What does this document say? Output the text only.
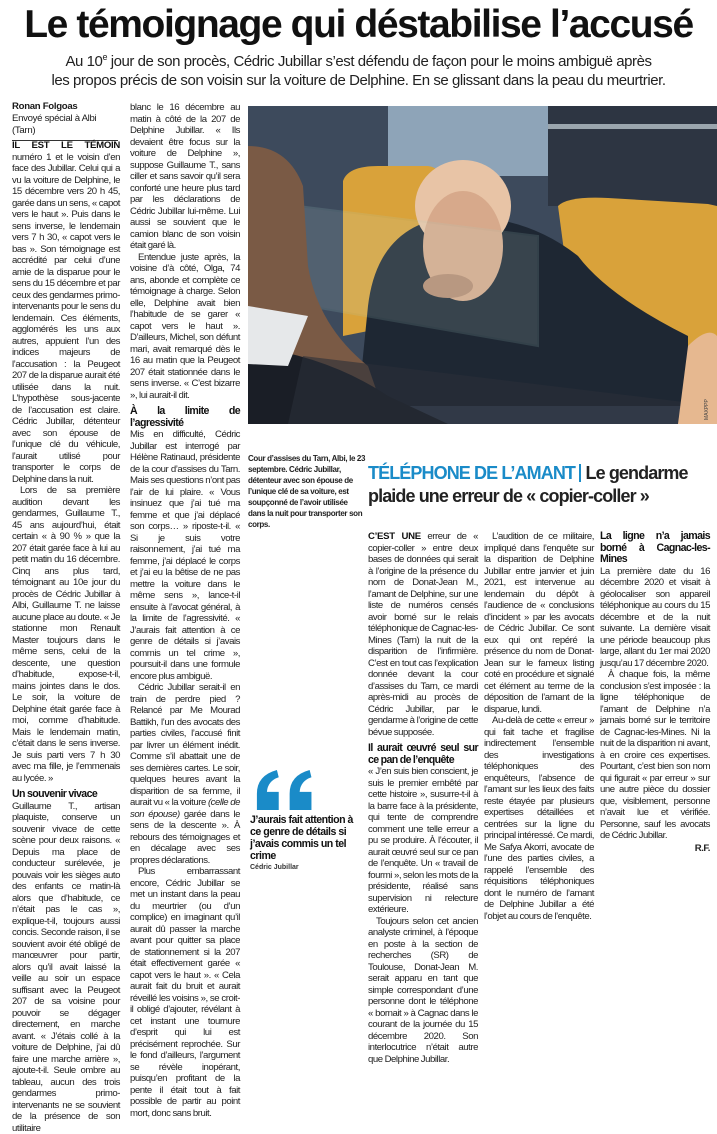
Le témoignage qui déstabilise l’accusé
Au 10e jour de son procès, Cédric Jubillar s’est défendu de façon pour le moins ambiguë après
les propos précis de son voisin sur la voiture de Delphine. En se glissant dans la peau du meurtrier.
Ronan Folgoas
Envoyé spécial à Albi (Tarn)

IL EST LE TÉMOIN numéro 1 et le voisin d’en face des Jubillar. Celui qui a vu la voiture de Delphine, le 15 décembre vers 20 h 45, garée dans un sens, « capot vers le haut ». Puis dans le sens inverse, le lendemain vers 7 h 30, « capot vers le bas ». Son témoignage est accrédité par celui d’une amie de la disparue pour le sens du 15 décembre et par ceux des gendarmes primo-intervenants pour le sens du lendemain. Ces éléments, agglomérés les uns aux autres, appuient l’un des indices majeurs de l’accusation : la Peugeot 207 de la disparue aurait été utilisée dans la nuit. L’hypothèse sous-jacente de l’accusation est claire. Cédric Jubillar, détenteur avec son épouse de l’unique clé du véhicule, l’aurait utilisé pour transporter le corps de Delphine dans la nuit.

Lors de sa première audition devant les gendarmes, Guillaume T., 45 ans aujourd’hui, était certain « à 90 % » que la 207 était garée face à lui au petit matin du 16 décembre. Cinq ans plus tard, témoignant au 10e jour du procès de Cédric Jubillar à Albi, Guillaume T. ne laisse aucune place au doute. « Je stationne mon Renault Master toujours dans le même sens, celui de la descente, une question d’habitude, expose-t-il, mains jointes dans le dos. Le soir, la voiture de Delphine était garée face à moi, comme d’habitude. Mais le lendemain matin, c’était dans le sens inverse. Je suis parti vers 7 h 30 avec ma fille, je l’emmenais au lycée. »

Un souvenir vivace

Guillaume T., artisan plaquiste, conserve un souvenir vivace de cette scène pour deux raisons. « Depuis ma place de conducteur surélevée, je pouvais voir les sièges auto des enfants ce matin-là alors que d’habitude, ce n’était pas le cas », explique-t-il, toujours aussi concis. Seconde raison, il se souvient avoir été obligé de manœuvrer pour partir, alors qu’il avait laissé la veille au soir un espace suffisant avec la Peugeot 207 de sa voisine pour pouvoir se dégager directement, en marche avant. « J’étais collé à la voiture de Delphine, j’ai dû faire une marche arrière », ajoute-t-il. Seule ombre au tableau, aucun des trois gendarmes primo-intervenants ne se souvient de la présence de son utilitaire

blanc le 16 décembre au matin à côté de la 207 de Delphine Jubillar. « Ils devaient être focus sur la voiture de Delphine », suppose Guillaume T., sans ciller et sans savoir qu’il sera conforté une heure plus tard par les déclarations de Cédric Jubillar lui-même. Lui aussi se souvient que le camion blanc de son voisin était garé là.

Entendue juste après, la voisine d’à côté, Olga, 74 ans, abonde et complète ce témoignage à charge. Selon elle, Delphine avait bien l’habitude de se garer « capot vers le haut ». D’ailleurs, Michel, son défunt mari, avait remarqué dès le 16 au matin que la Peugeot 207 était stationnée dans le sens inverse. « C’est bizarre », lui aurait-il dit.

À la limite de l’agressivité

Mis en difficulté, Cédric Jubillar est interrogé par Hélène Ratinaud, présidente de la cour d’assises du Tarn. Mais ses questions n’ont pas l’air de lui plaire. « Vous insinuez que j’ai tué ma femme et que j’ai déplacé son corps… » riposte-t-il. « Si je suis votre raisonnement, j’ai tué ma femme, j’ai déplacé le corps et j’ai eu la bêtise de ne pas mettre la voiture dans le même sens », lance-t-il ensuite à l’avocat général, à la limite de l’agressivité. « J’aurais fait attention à ce genre de détails si j’avais commis un tel crime », poursuit-il dans une formule encore plus ambiguë.

Cédric Jubillar serait-il en train de perdre pied ? Relancé par Me Mourad Battikh, l’un des avocats des parties civiles, l’accusé finit par livrer un élément inédit. Comme s’il abattait une de ses dernières cartes. Le soir, quelques heures avant la disparition de sa femme, il aurait vu « la voiture (celle de son épouse) garée dans le sens de la descente ». À rebours des témoignages et en décalage avec ses propres déclarations.

Plus embarrassant encore, Cédric Jubillar se met un instant dans la peau du meurtrier (ou d’un complice) en imaginant qu’il aurait dû passer la marche avant pour quitter sa place de stationnement si la 207 était effectivement garée « capot vers le haut ». « Cela aurait fait du bruit et aurait réveillé les voisins », se croit-il obligé d’ajouter, révélant à cet instant une tournure d’esprit qui lui est précisément reprochée. Sur le fond d’ailleurs, l’argument se révèle inopérant, puisqu’en profitant de la pente il était tout à fait possible de partir au point mort, donc sans bruit.

MAXPPP
Cour d’assises du Tarn, Albi, le 23 septembre. Cédric Jubillar, détenteur avec son épouse de l’unique clé de sa voiture, est soupçonné de l’avoir utilisée dans la nuit pour transporter son corps.
J’aurais fait attention à ce genre de détails si j’avais commis un tel crime
Cédric Jubillar
TÉLÉPHONE DE L’AMANT Le gendarme plaide une erreur de « copier-coller »

C’EST UNE erreur de « copier-coller » entre deux bases de données qui serait à l’origine de la présence du nom de Donat-Jean M., l’amant de Delphine, sur une liste de numéros censés avoir borné sur le relais téléphonique de Cagnac-les-Mines (Tarn) la nuit de la disparition de l’infirmière. C’est en tout cas l’explication donnée devant la cour d’assises du Tarn, ce mardi après-midi au procès de Cédric Jubillar, par le gendarme à l’origine de cette bévue supposée.

Il aurait œuvré seul sur ce pan de l’enquête

« J’en suis bien conscient, je suis le premier embêté par cette histoire », susurre-t-il à la barre face à la présidente, qui tente de comprendre comment une telle erreur a pu se produire. À l’écouter, il aurait œuvré seul sur ce pan de l’enquête. Un « travail de fourmi », selon les mots de la présidente, réalisé sans supervision ni relecture extérieure.

Toujours selon cet ancien analyste criminel, à l’époque en poste à la section de recherches (SR) de Toulouse, Donat-Jean M. serait apparu en tant que simple correspondant d’une personne dont le téléphone « bornait » à Cagnac dans le courant de la journée du 15 décembre 2020. Son interlocutrice n’était autre que Delphine Jubillar.

L’audition de ce militaire, impliqué dans l’enquête sur la disparition de Delphine Jubillar entre janvier et juin 2021, est intervenue au lendemain du dépôt à l’audience de « conclusions d’incident » par les avocats de Cédric Jubillar. Ce sont eux qui ont repéré la présence du nom de Donat-Jean sur le fameux listing coté en procédure et signalé cet élément au terme de la déposition de l’amant de la disparue, lundi.

Au-delà de cette « erreur » qui fait tache et fragilise indirectement l’ensemble des investigations téléphoniques des enquêteurs, l’absence de l’amant sur les lieux des faits reste étayée par plusieurs expertises détaillées et centrées sur la ligne du principal intéressé. Ce mardi, Me Safya Akorri, avocate de l’une des parties civiles, a rappelé l’ensemble des réquisitions téléphoniques dont le numéro de l’amant de Delphine Jubillar a été l’objet au cours de l’enquête.

La ligne n’a jamais borné à Cagnac-les-Mines

La première date du 16 décembre 2020 et visait à géolocaliser son appareil téléphonique au cours du 15 décembre et de la nuit suivante. La dernière visait une période beaucoup plus large, allant du 1er mai 2020 jusqu’au 17 décembre 2020.

À chaque fois, la même conclusion s’est imposée : la ligne téléphonique de l’amant de Delphine n’a jamais borné sur le territoire de Cagnac-les-Mines. Ni la nuit de la disparition ni avant, à en croire ces expertises. Pourtant, c’est bien son nom qui figurait « par erreur » sur une autre pièce du dossier que, visiblement, personne n’avait lue et vérifiée. Personne, sauf les avocats de Cédric Jubillar.

R.F.
